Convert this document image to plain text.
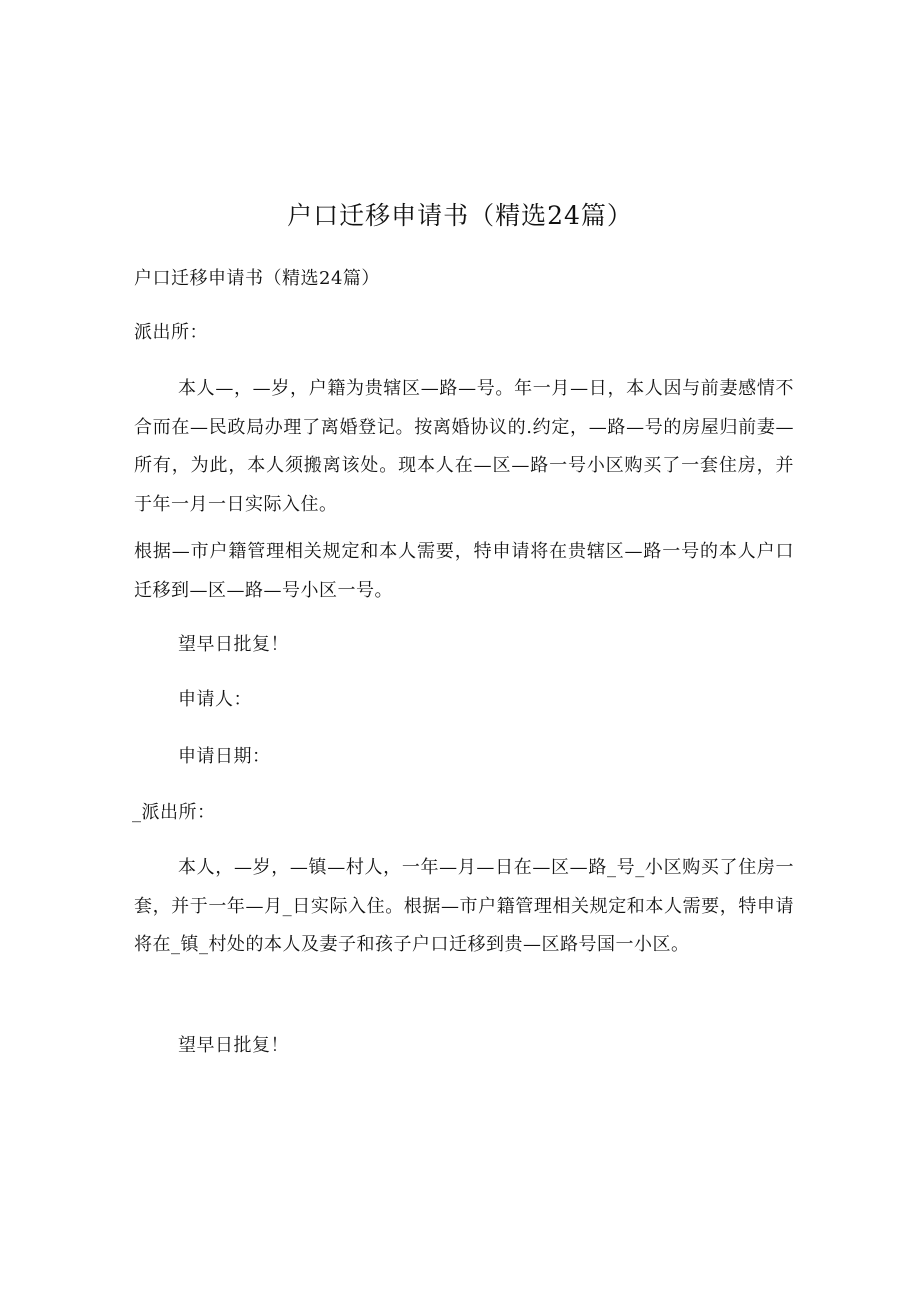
户口迁移申请书（精选24篇）
户口迁移申请书（精选24篇）
派出所：
本人—，—岁，户籍为贵辖区—路—号。年一月—日，本人因与前妻感情不合而在—民政局办理了离婚登记。按离婚协议的.约定，—路—号的房屋归前妻—所有，为此，本人须搬离该处。现本人在—区—路一号小区购买了一套住房，并于年一月一日实际入住。
根据—市户籍管理相关规定和本人需要，特申请将在贵辖区—路一号的本人户口迁移到—区—路—号小区一号。
望早日批复！
申请人：
申请日期：
_派出所：
本人，—岁，—镇—村人，一年—月—日在—区—路_号_小区购买了住房一套，并于一年—月_日实际入住。根据—市户籍管理相关规定和本人需要，特申请将在_镇_村处的本人及妻子和孩子户口迁移到贵—区路号国一小区。
望早日批复！
